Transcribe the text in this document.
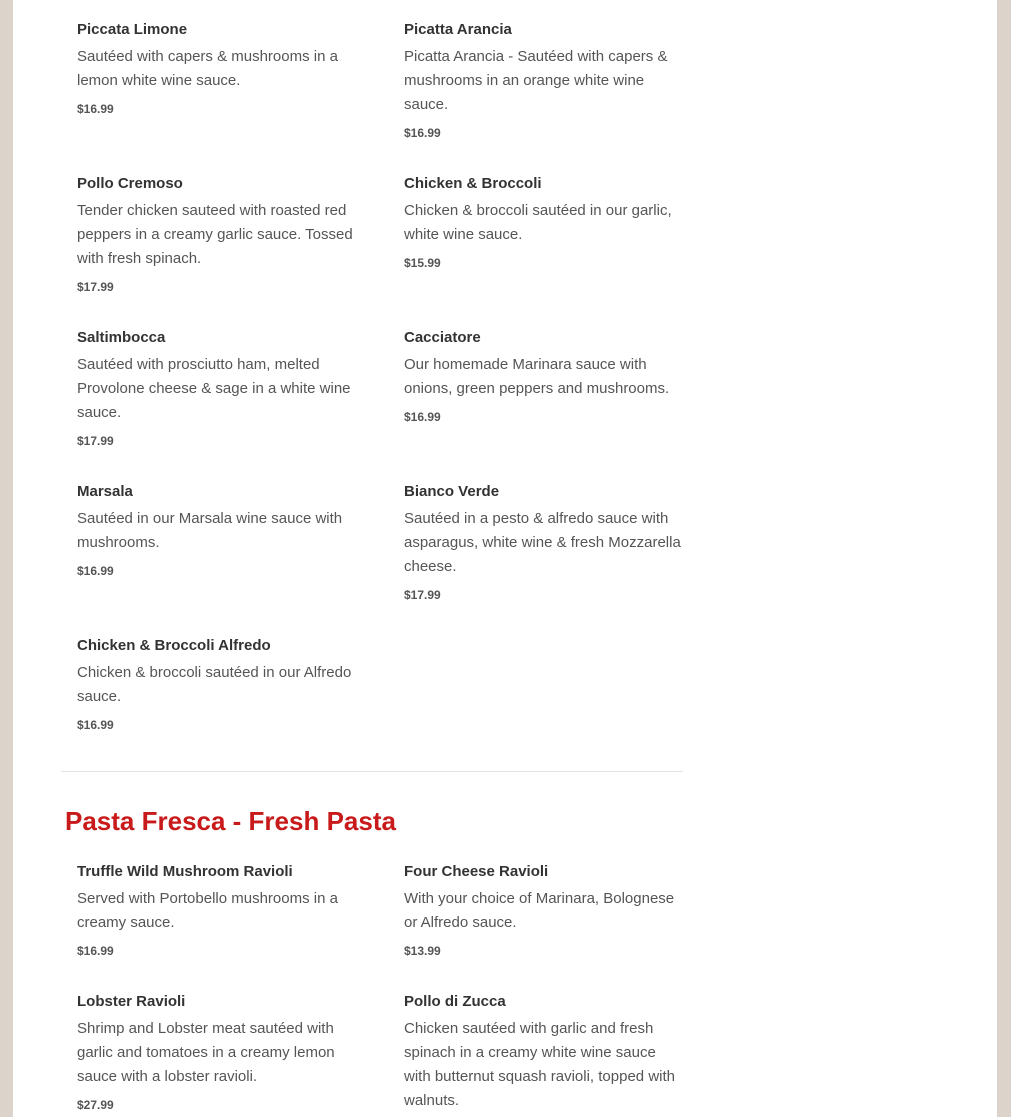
Piccata Limone

Sautéed with capers & mushrooms in a lemon white wine sauce.

$16.99

Picatta Arancia

Picatta Arancia - Sautéed with capers & mushrooms in an orange white wine sauce.

$16.99

Pollo Cremoso

Tender chicken sauteed with roasted red peppers in a creamy garlic sauce. Tossed with fresh spinach.

$17.99

Chicken & Broccoli

Chicken & broccoli sautéed in our garlic, white wine sauce.

$15.99

Saltimbocca

Sautéed with prosciutto ham, melted Provolone cheese & sage in a white wine sauce.

$17.99

Cacciatore

Our homemade Marinara sauce with onions, green peppers and mushrooms.

$16.99

Marsala

Sautéed in our Marsala wine sauce with mushrooms.

$16.99

Bianco Verde

Sautéed in a pesto & alfredo sauce with asparagus, white wine & fresh Mozzarella cheese.

$17.99

Chicken & Broccoli Alfredo

Chicken & broccoli sautéed in our Alfredo sauce.

$16.99

Pasta Fresca - Fresh Pasta

Truffle Wild Mushroom Ravioli

Served with Portobello mushrooms in a creamy sauce.

$16.99

Four Cheese Ravioli

With your choice of Marinara, Bolognese or Alfredo sauce.

$13.99

Lobster Ravioli

Shrimp and Lobster meat sautéed with garlic and tomatoes in a creamy lemon sauce with a lobster ravioli.

$27.99

Pollo di Zucca

Chicken sautéed with garlic and fresh spinach in a creamy white wine sauce with butternut squash ravioli, topped with walnuts.
